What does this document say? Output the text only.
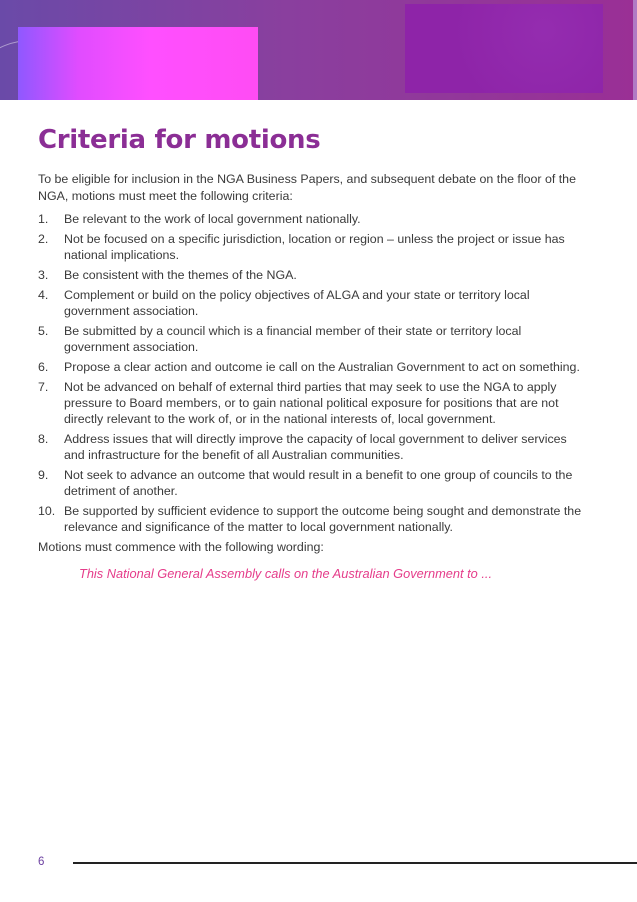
Criteria for motions

To be eligible for inclusion in the NGA Business Papers, and subsequent debate on the floor of the NGA, motions must meet the following criteria:

1.	Be relevant to the work of local government nationally.
2.	Not be focused on a specific jurisdiction, location or region – unless the project or issue has national implications.
3.	Be consistent with the themes of the NGA.
4.	Complement or build on the policy objectives of ALGA and your state or territory local government association.
5.	Be submitted by a council which is a financial member of their state or territory local government association.
6.	Propose a clear action and outcome ie call on the Australian Government to act on something.
7.	Not be advanced on behalf of external third parties that may seek to use the NGA to apply pressure to Board members, or to gain national political exposure for positions that are not directly relevant to the work of, or in the national interests of, local government.
8.	Address issues that will directly improve the capacity of local government to deliver services and infrastructure for the benefit of all Australian communities.
9.	Not seek to advance an outcome that would result in a benefit to one group of councils to the detriment of another.
10. Be supported by sufficient evidence to support the outcome being sought and demonstrate the relevance and significance of the matter to local government nationally.

Motions must commence with the following wording:

This National General Assembly calls on the Australian Government to ...

6
